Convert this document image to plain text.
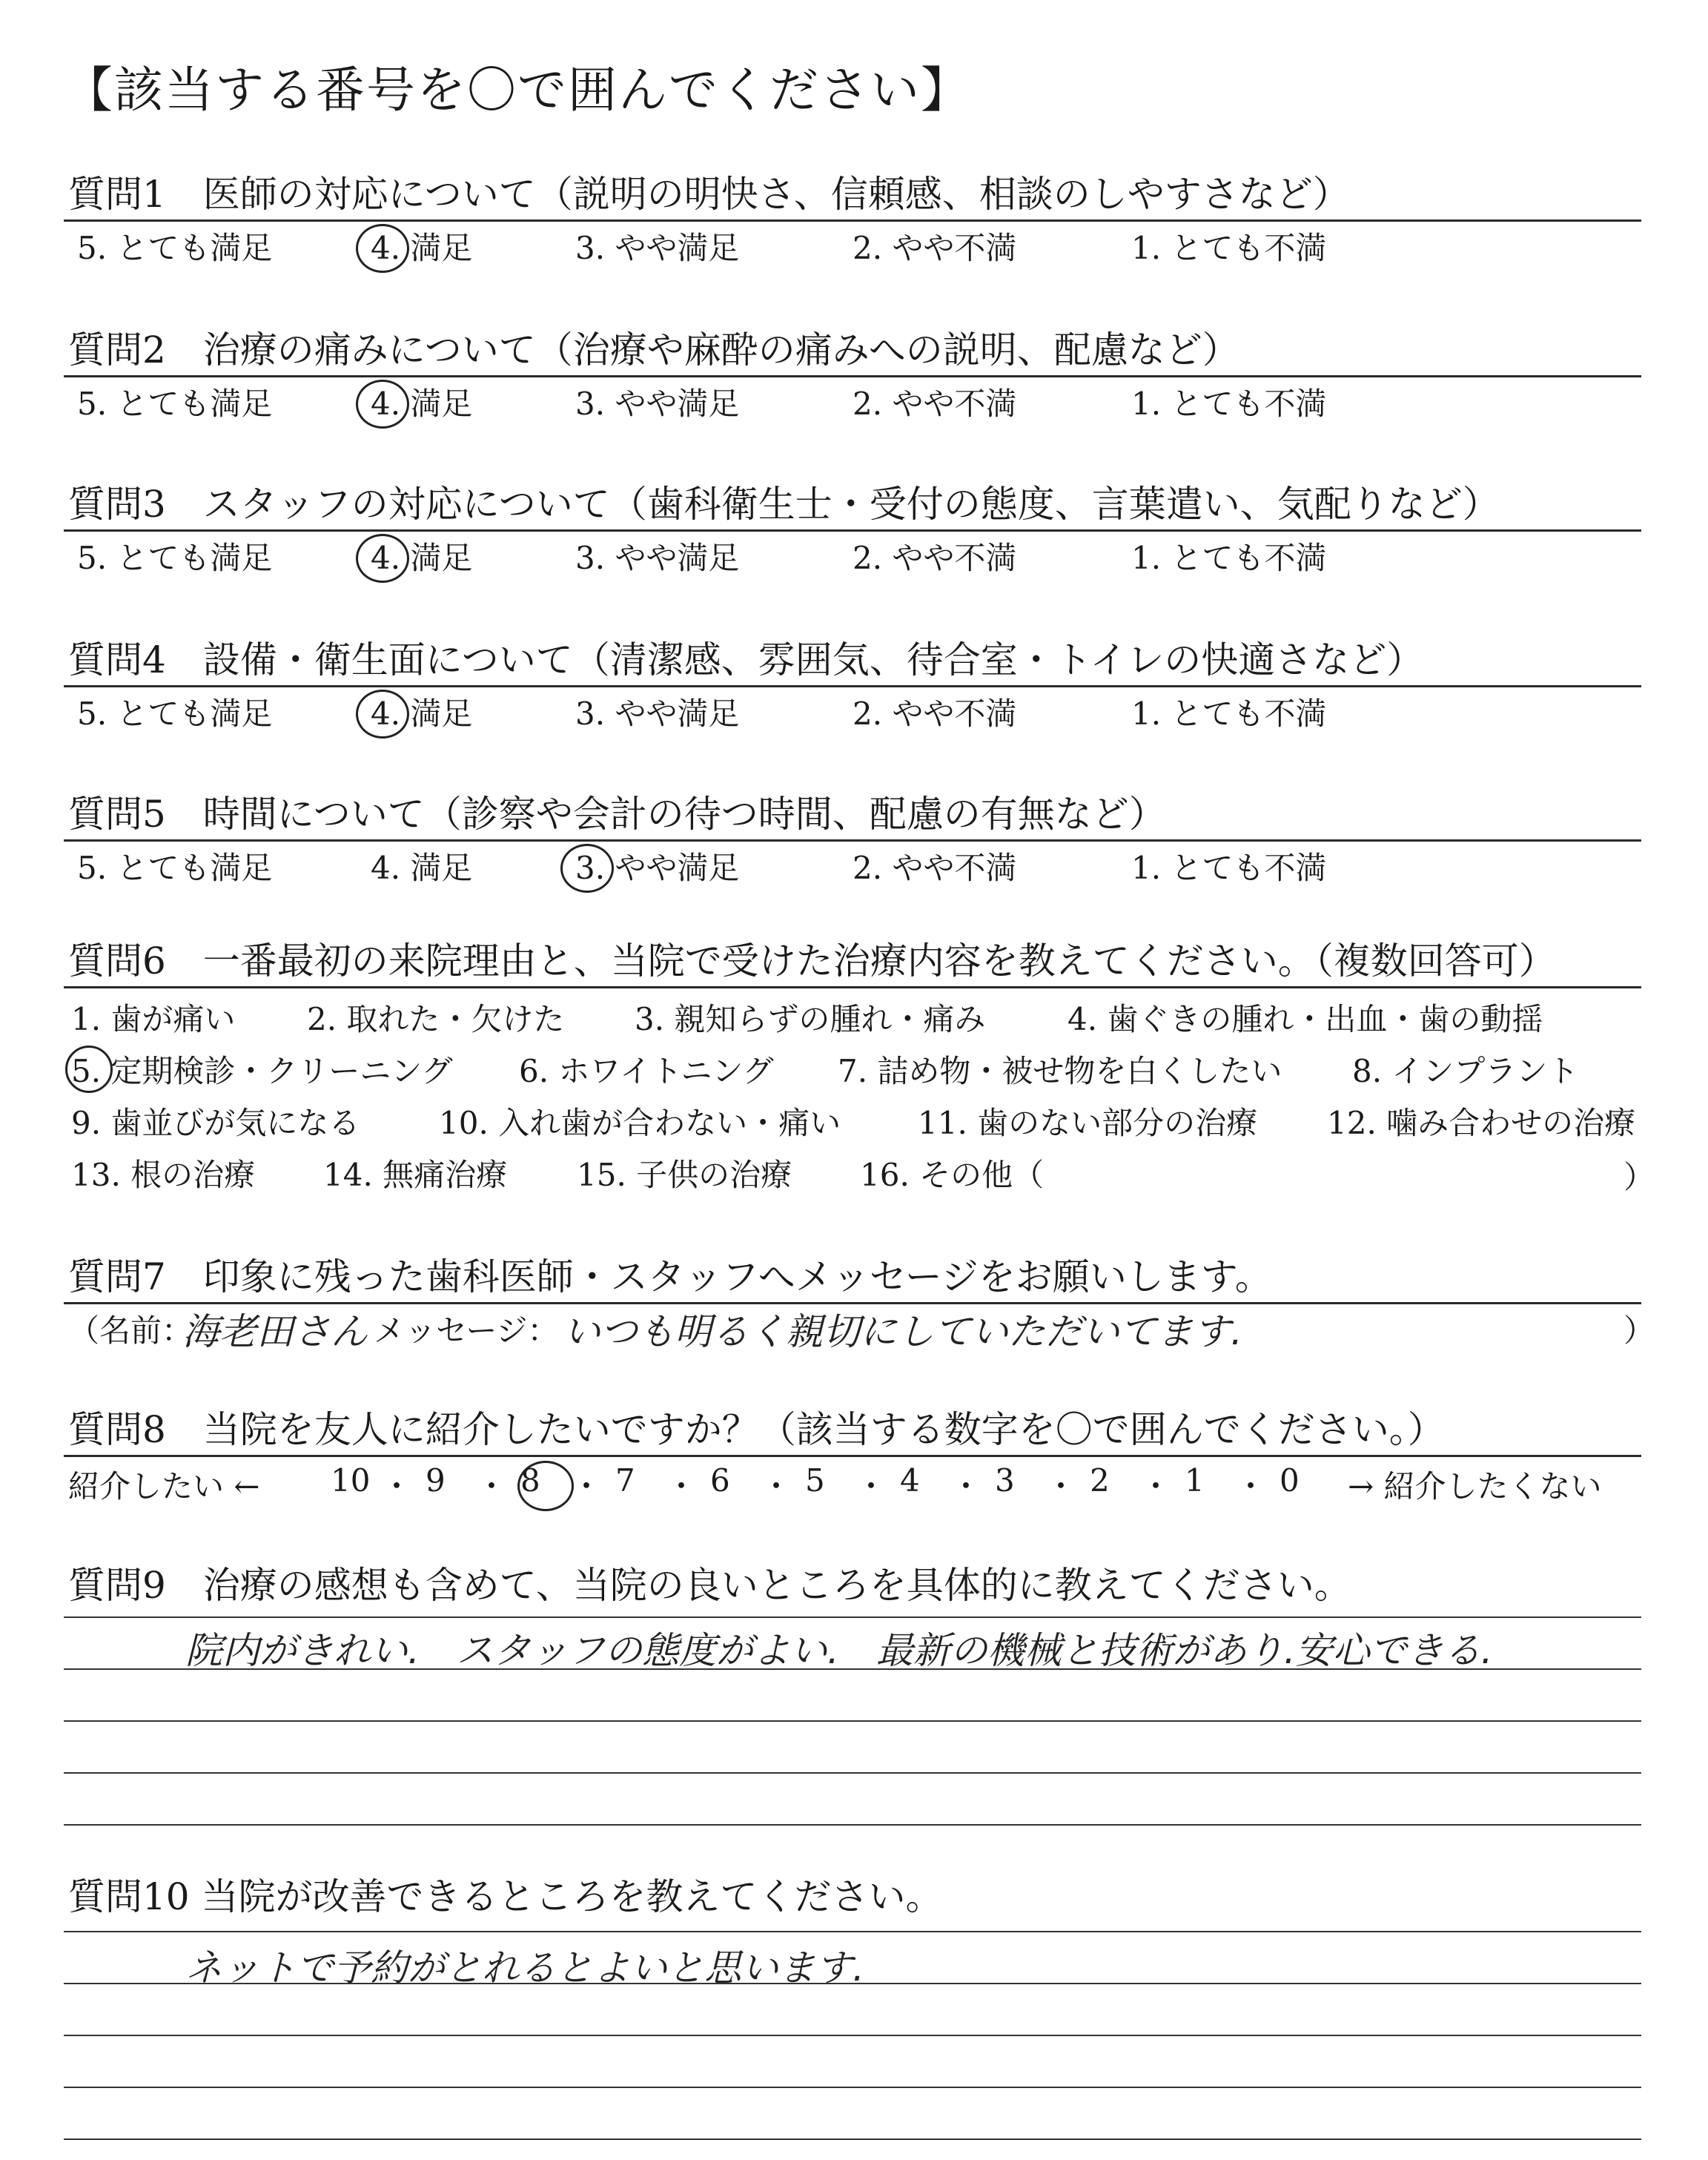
【該当する番号を〇で囲んでください】
質問1　医師の対応について（説明の明快さ、信頼感、相談のしやすさなど）
5. とても満足	4. 満足	3. やや満足	2. やや不満	1. とても不満
質問2　治療の痛みについて（治療や麻酔の痛みへの説明、配慮など）
5. とても満足	4. 満足	3. やや満足	2. やや不満	1. とても不満
質問3　スタッフの対応について（歯科衛生士・受付の態度、言葉遣い、気配りなど）
5. とても満足	4. 満足	3. やや満足	2. やや不満	1. とても不満
質問4　設備・衛生面について（清潔感、雰囲気、待合室・トイレの快適さなど）
5. とても満足	4. 満足	3. やや満足	2. やや不満	1. とても不満
質問5　時間について（診察や会計の待つ時間、配慮の有無など）
5. とても満足	4. 満足	3. やや満足	2. やや不満	1. とても不満
質問6　一番最初の来院理由と、当院で受けた治療内容を教えてください。（複数回答可）
1. 歯が痛い 2. 取れた・欠けた 3. 親知らずの腫れ・痛み	4. 歯ぐきの腫れ・出血・歯の動揺
5. 定期検診・クリーニング 6. ホワイトニング 7. 詰め物・被せ物を白くしたい 8. インプラント
9. 歯並びが気になる	10. 入れ歯が合わない・痛い 11. 歯のない部分の治療 12. 噛み合わせの治療
13. 根の治療 14. 無痛治療 15. 子供の治療 16. その他（	）
質問7　印象に残った歯科医師・スタッフへメッセージをお願いします。
（名前：
海老田さん メッセージ： いつも明るく親切にしていただいてます.	）
質問8　当院を友人に紹介したいですか？（該当する数字を〇で囲んでください。）
紹介したい ← 10 ・ 9 ・ 8 ・ 7 ・ 6 ・ 5 ・ 4 ・ 3 ・ 2 ・ 1 ・ 0 → 紹介したくない
質問9　治療の感想も含めて、当院の良いところを具体的に教えてください。
院内がきれい.　スタッフの態度がよい.　最新の機械と技術があり.安心できる.
質問10 当院が改善できるところを教えてください。
ネットで予約がとれるとよいと思います.
